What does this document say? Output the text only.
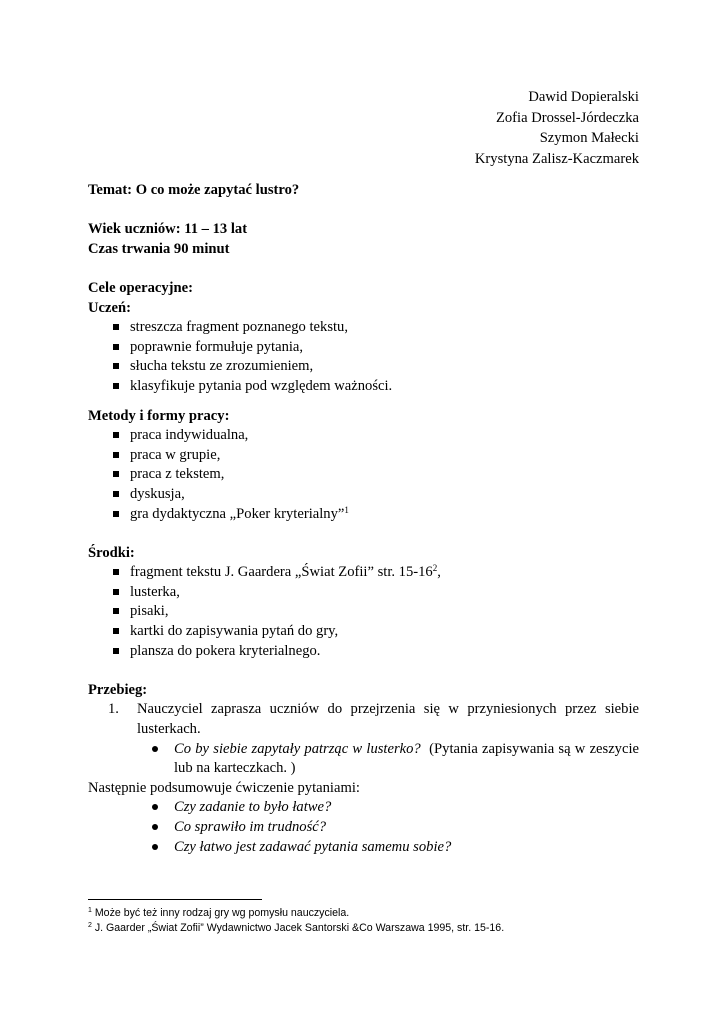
Dawid Dopieralski
Zofia Drossel-Jórdeczka
Szymon Małecki
Krystyna Zalisz-Kaczmarek
Temat: O co może zapytać lustro?
Wiek uczniów: 11 – 13 lat
Czas trwania 90 minut
Cele operacyjne:
Uczeń:
streszcza fragment poznanego tekstu,
poprawnie formułuje pytania,
słucha tekstu ze zrozumieniem,
klasyfikuje pytania pod względem ważności.
Metody i formy pracy:
praca indywidualna,
praca w grupie,
praca z tekstem,
dyskusja,
gra dydaktyczna „Poker kryterialny”$^1$
Środki:
fragment tekstu J. Gaardera „Świat Zofii” str. $15-16^2$,
lusterka,
pisaki,
kartki do zapisywania pytań do gry,
plansza do pokera kryterialnego.
Przebieg:
1.	Nauczyciel zaprasza uczniów do przejrzenia się w przyniesionych przez siebie lusterkach.
Co by siebie zapytały patrząc w lusterko?  (Pytania zapisywania są w zeszycie lub na karteczkach. )
Następnie podsumowuje ćwiczenie pytaniami:
Czy zadanie to było łatwe?
Co sprawiło im trudność?
Czy łatwo jest zadawać pytania samemu sobie?
$^1$ Może być też inny rodzaj gry wg pomysłu nauczyciela.
$^2$ J. Gaarder „Świat Zofii” Wydawnictwo Jacek Santorski &Co Warszawa 1995, str. 15-16.
